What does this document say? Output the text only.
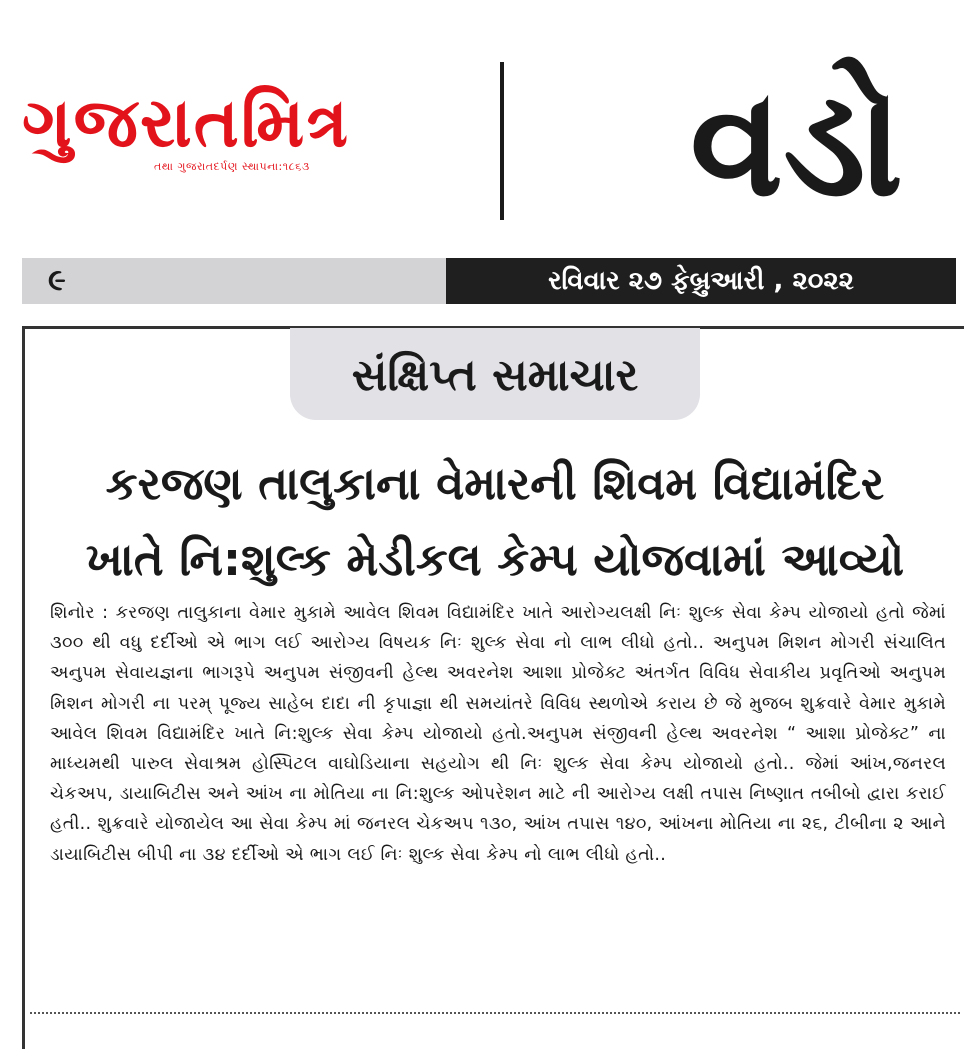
ગુજરાતમિત્ર
તથા ગુજરાતદર્પણ સ્થાપના:૧૮૬૩	વડો
૯	રવિવાર ૨૭ ફેબ્રુઆરી , ૨૦૨૨
સંક્ષિપ્ત સમાચાર
કરજણ તાલુકાના વેમારની શિવમ વિદ્યામંદિર
ખાતે નિ:શુલ્ક મેડીકલ કેમ્પ યોજવામાં આવ્યો
શિનોર : કરજણ તાલુકાના વેમાર મુકામે આવેલ શિવમ વિદ્યામંદિર ખાતે આરોગ્યલક્ષી નિઃ શુલ્ક સેવા કેમ્પ યોજાયો હતો જેમાં ૩૦૦ થી વધુ દર્દીઓ એ ભાગ લઈ આરોગ્ય વિષયક નિઃ શુલ્ક સેવા નો લાભ લીધો હતો.. અનુપમ મિશન મોગરી સંચાલિત અનુપમ સેવાયજ્ઞના ભાગરૂપે અનુપમ સંજીવની હેલ્થ અવરનેશ આશા પ્રોજેક્ટ અંતર્ગત વિવિધ સેવાકીય પ્રવૃતિઓ અનુપમ મિશન મોગરી ના પરમ્ પૂજ્ય સાહેબ દાદા ની કૃપાજ્ઞા થી સમયાંતરે વિવિધ સ્થળોએ કરાય છે જે મુજબ શુક્રવારે વેમાર મુકામે આવેલ શિવમ વિદ્યામંદિર ખાતે નિ:શુલ્ક સેવા કેમ્પ યોજાયો હતો.અનુપમ સંજીવની હેલ્થ અવરનેશ “ આશા પ્રોજેક્ટ” ના માધ્યમથી પારુલ સેવાશ્રમ હોસ્પિટલ વાઘોડિયાના સહયોગ થી નિઃ શુલ્ક સેવા કેમ્પ યોજાયો હતો.. જેમાં આંખ,જનરલ ચેકઅપ, ડાયાબિટીસ અને આંખ ના મોતિયા ના નિ:શુલ્ક ઓપરેશન માટે ની આરોગ્ય લક્ષી તપાસ નિષ્ણાત તબીબો દ્વારા કરાઈ હતી.. શુક્રવારે યોજાયેલ આ સેવા કેમ્પ માં જનરલ ચેકઅપ ૧૩૦, આંખ તપાસ ૧૪૦, આંખના મોતિયા ના ૨૬, ટીબીના ૨ આને ડાયાબિટીસ બીપી ના ૩૪ દર્દીઓ એ ભાગ લઈ નિઃ શુલ્ક સેવા કેમ્પ નો લાભ લીધો હતો..
